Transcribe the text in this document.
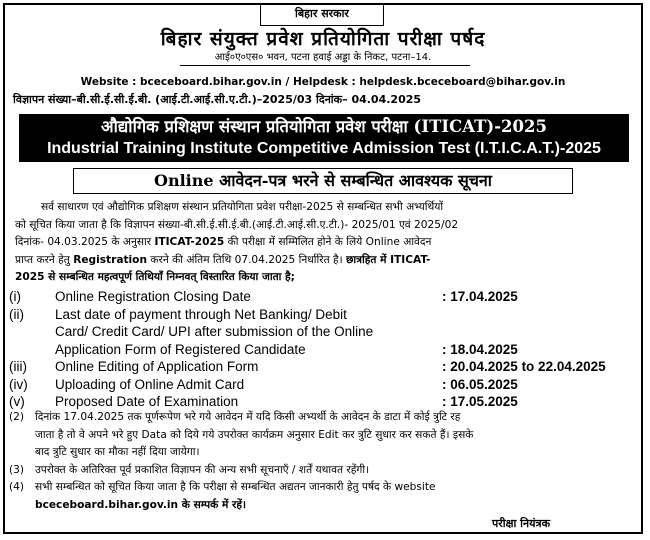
बिहार सरकार
बिहार संयुक्त प्रवेश प्रतियोगिता परीक्षा पर्षद
आई०ए०एस० भवन, पटना हवाई अड्डा के निकट, पटना–14.
Website : bceceboard.bihar.gov.in / Helpdesk : helpdesk.bceceboard@bihar.gov.in
विज्ञापन संख्या–बी.सी.ई.सी.ई.बी. (आई.टी.आई.सी.ए.टी.)–2025/03 दिनांक– 04.04.2025
औद्योगिक प्रशिक्षण संस्थान प्रतियोगिता प्रवेश परीक्षा (ITICAT)-2025
Industrial Training Institute Competitive Admission Test (I.T.I.C.A.T.)-2025
Online आवेदन-पत्र भरने से सम्बन्धित आवश्यक सूचना
सर्व साधारण एवं औद्योगिक प्रशिक्षण संस्थान प्रतियोगिता प्रवेश परीक्षा-2025 से सम्बन्धित सभी अभ्यर्थियों
को सूचित किया जाता है कि विज्ञापन संख्या-बी.सी.ई.सी.ई.बी.(आई.टी.आई.सी.ए.टी.)- 2025/01 एवं 2025/02
दिनांक- 04.03.2025 के अनुसार ITICAT-2025 की परीक्षा में सम्मिलित होने के लिये Online आवेदन
प्राप्त करने हेतु Registration करने की अंतिम तिथि 07.04.2025 निर्धारित है। छात्रहित में ITICAT-
2025 से सम्बन्धित महत्वपूर्ण तिथियाँ निम्नवत् विस्तारित किया जाता है;
(i)	Online Registration Closing Date	: 17.04.2025
(ii)	Last date of payment through Net Banking/ Debit
Card/ Credit Card/ UPI after submission of the Online
Application Form of Registered Candidate	: 18.04.2025
(iii)	Online Editing of Application Form	: 20.04.2025 to 22.04.2025
(iv)	Uploading of Online Admit Card	: 06.05.2025
(v)	Proposed Date of Examination	: 17.05.2025
(2)	दिनांक 17.04.2025 तक पूर्णरूपेण भरे गये आवेदन में यदि किसी अभ्यर्थी के आवेदन के डाटा में कोई त्रुटि रह
जाता है तो वे अपने भरे हुए Data को दिये गये उपरोक्त कार्यक्रम अनुसार Edit कर त्रुटि सुधार कर सकते हैं। इसके
बाद त्रुटि सुधार का मौका नहीं दिया जायेगा।
(3)	उपरोक्त के अतिरिक्त पूर्व प्रकाशित विज्ञापन की अन्य सभी सूचनाएँ / शर्तें यथावत रहेंगी।
(4)	सभी सम्बन्धित को सूचित किया जाता है कि परीक्षा से सम्बन्धित अद्यतन जानकारी हेतु पर्षद के website
bceceboard.bihar.gov.in के सम्पर्क में रहें।
परीक्षा नियंत्रक
